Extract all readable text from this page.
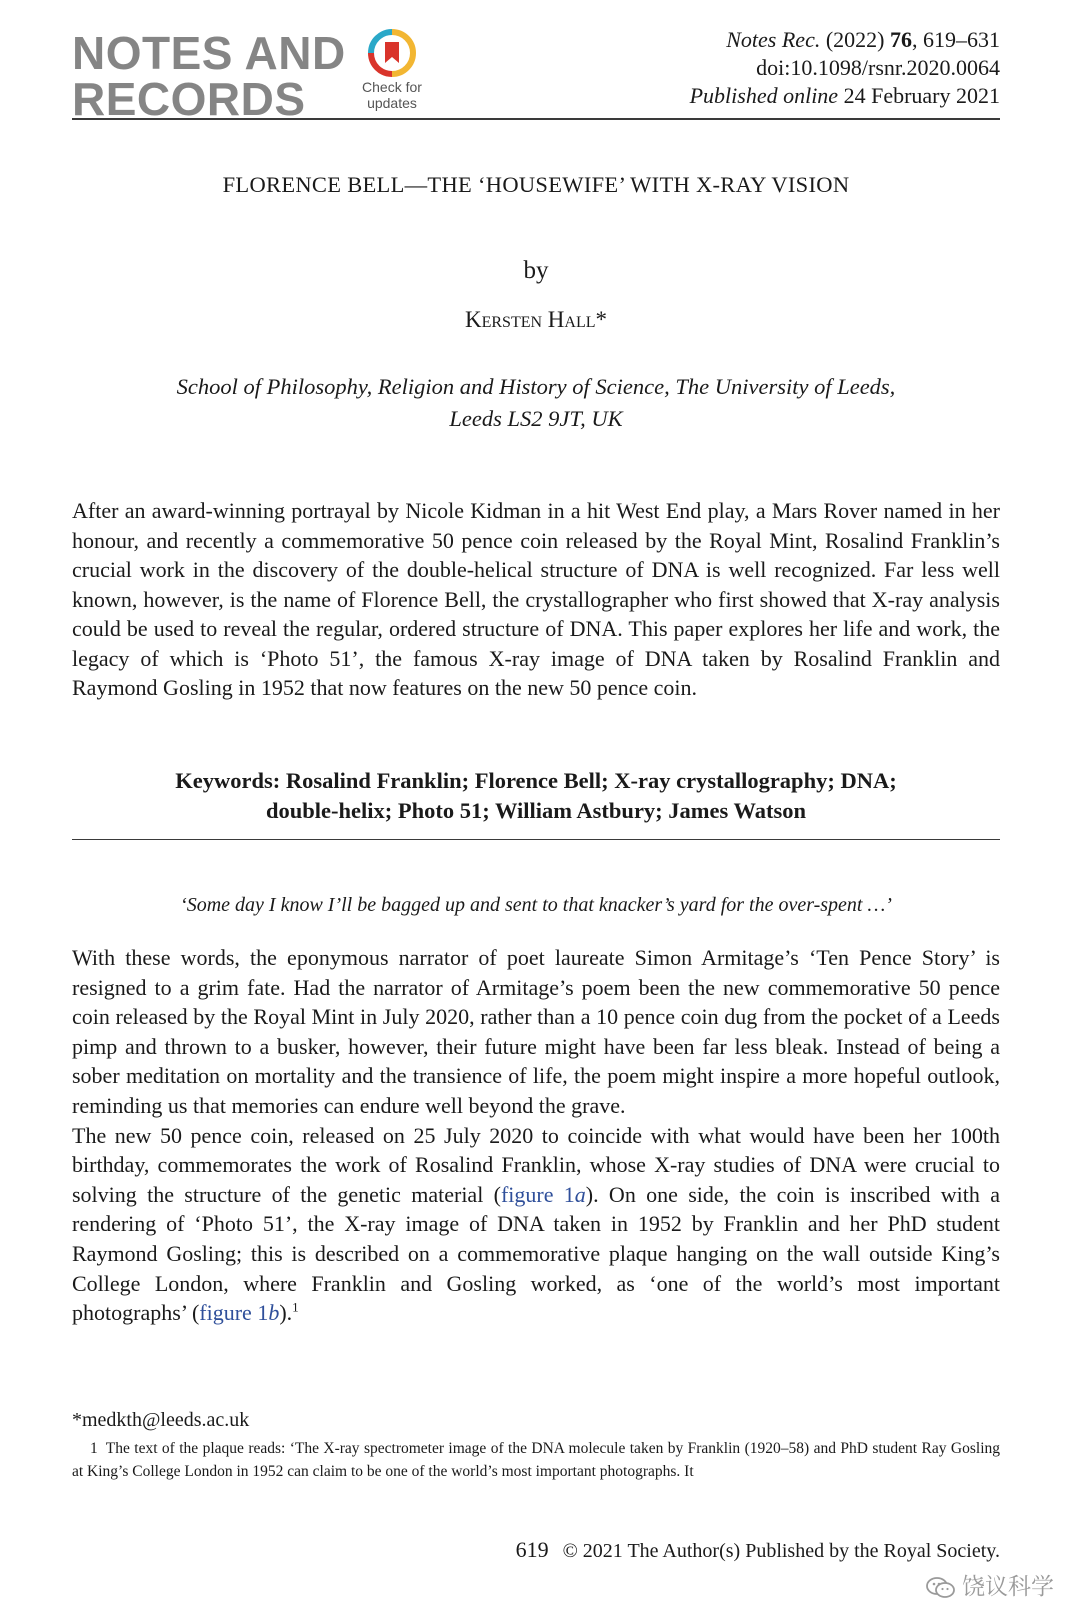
NOTES AND
RECORDS	Check for
updates
Notes Rec. (2022) 76, 619–631
doi:10.1098/rsnr.2020.0064
Published online 24 February 2021
FLORENCE BELL—THE ‘HOUSEWIFE’ WITH X-RAY VISION
by
Kersten Hall*
School of Philosophy, Religion and History of Science, The University of Leeds,
Leeds LS2 9JT, UK
After an award-winning portrayal by Nicole Kidman in a hit West End play, a Mars Rover named in her honour, and recently a commemorative 50 pence coin released by the Royal Mint, Rosalind Franklin’s crucial work in the discovery of the double-helical structure of DNA is well recognized. Far less well known, however, is the name of Florence Bell, the crystallographer who first showed that X-ray analysis could be used to reveal the regular, ordered structure of DNA. This paper explores her life and work, the legacy of which is ‘Photo 51’, the famous X-ray image of DNA taken by Rosalind Franklin and Raymond Gosling in 1952 that now features on the new 50 pence coin.
Keywords: Rosalind Franklin; Florence Bell; X-ray crystallography; DNA;
double-helix; Photo 51; William Astbury; James Watson
‘Some day I know I’ll be bagged up and sent to that knacker’s yard for the over-spent …’

With these words, the eponymous narrator of poet laureate Simon Armitage’s ‘Ten Pence Story’ is resigned to a grim fate. Had the narrator of Armitage’s poem been the new commemorative 50 pence coin released by the Royal Mint in July 2020, rather than a 10 pence coin dug from the pocket of a Leeds pimp and thrown to a busker, however, their future might have been far less bleak. Instead of being a sober meditation on mortality and the transience of life, the poem might inspire a more hopeful outlook, reminding us that memories can endure well beyond the grave.

The new 50 pence coin, released on 25 July 2020 to coincide with what would have been her 100th birthday, commemorates the work of Rosalind Franklin, whose X-ray studies of DNA were crucial to solving the structure of the genetic material (figure 1a). On one side, the coin is inscribed with a rendering of ‘Photo 51’, the X-ray image of DNA taken in 1952 by Franklin and her PhD student Raymond Gosling; this is described on a commemorative plaque hanging on the wall outside King’s College London, where Franklin and Gosling worked, as ‘one of the world’s most important photographs’ (figure 1b).$^1$

*medkth@leeds.ac.uk
1 The text of the plaque reads: ‘The X-ray spectrometer image of the DNA molecule taken by Franklin (1920–58) and PhD student Ray Gosling at King’s College London in 1952 can claim to be one of the world’s most important photographs. It
619 © 2021 The Author(s) Published by the Royal Society.
饶议科学
